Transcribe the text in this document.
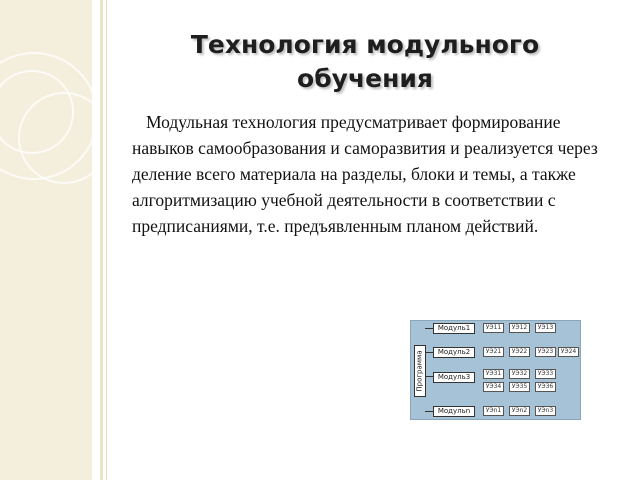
Технология модульного обучения
Модульная технология предусматривает формирование навыков самообразования и саморазвития и реализуется через деление всего материала на разделы, блоки и темы, а также алгоритмизацию учебной деятельности в соответствии с предписаниями, т.е. предъявленным планом действий.
Программа
Модуль1	УЭ11	УЭ12	УЭ13
Модуль2	УЭ21	УЭ22	УЭ23	УЭ24
Модуль3	УЭ31	УЭ32	УЭ33
УЭ34	УЭ35	УЭ36
Модульn	УЭn1	УЭn2	УЭn3
